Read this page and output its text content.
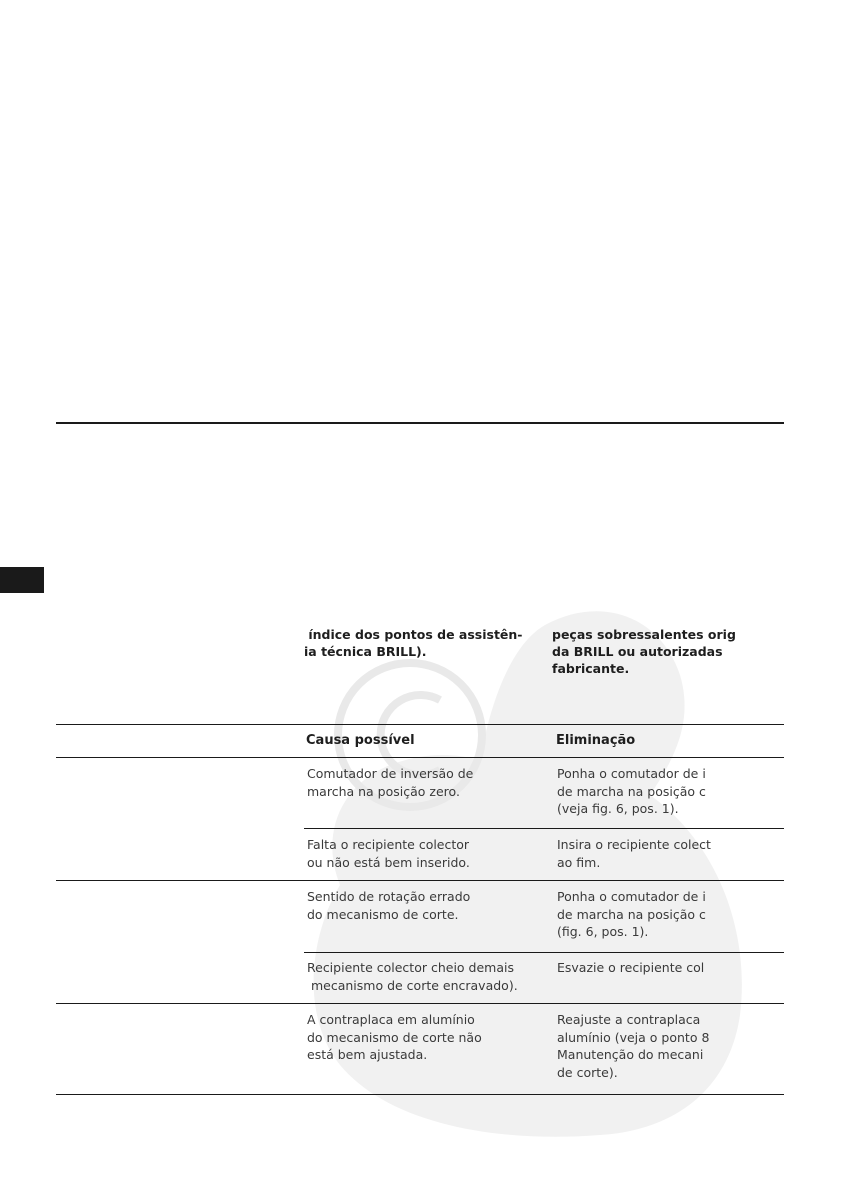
índice dos pontos de assistên-
ia técnica BRILL).
peças sobressalentes orig
da BRILL ou autorizadas
fabricante.
Causa possível	Eliminação
Comutador de inversão de
marcha na posição zero.
Ponha o comutador de i
de marcha na posição c
(veja fig. 6, pos. 1).
Falta o recipiente colector
ou não está bem inserido.
Insira o recipiente colect
ao fim.
Sentido de rotação errado
do mecanismo de corte.
Ponha o comutador de i
de marcha na posição c
(fig. 6, pos. 1).
Recipiente colector cheio demais
mecanismo de corte encravado).
Esvazie o recipiente col
A contraplaca em alumínio
do mecanismo de corte não
está bem ajustada.
Reajuste a contraplaca
alumínio (veja o ponto 8
Manutenção do mecani
de corte).
